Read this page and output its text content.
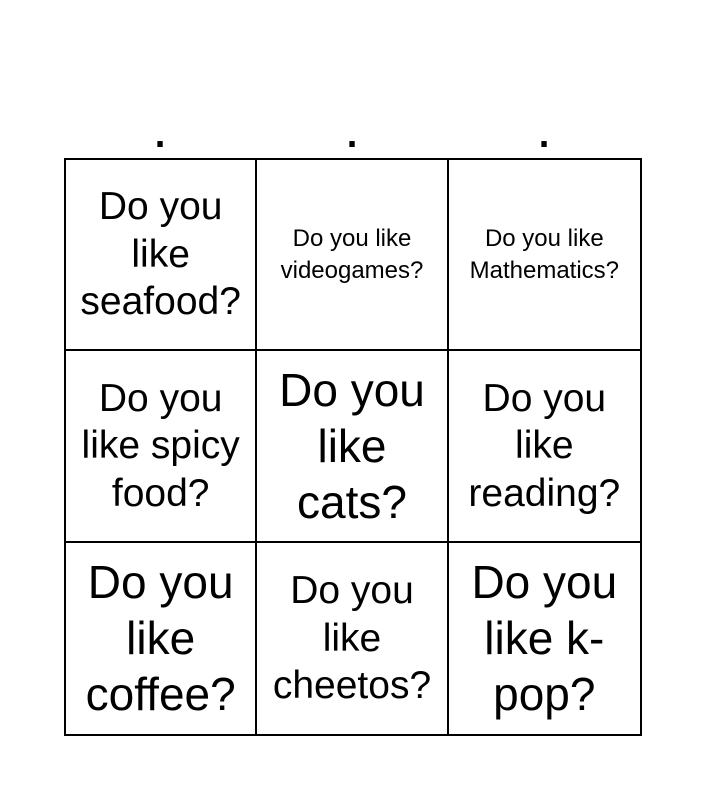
.	.	.
Do you like seafood?
Do you like videogames?
Do you like Mathematics?
Do you like spicy food?
Do you like cats?
Do you like reading?
Do you like coffee?
Do you like cheetos?
Do you like k-pop?
